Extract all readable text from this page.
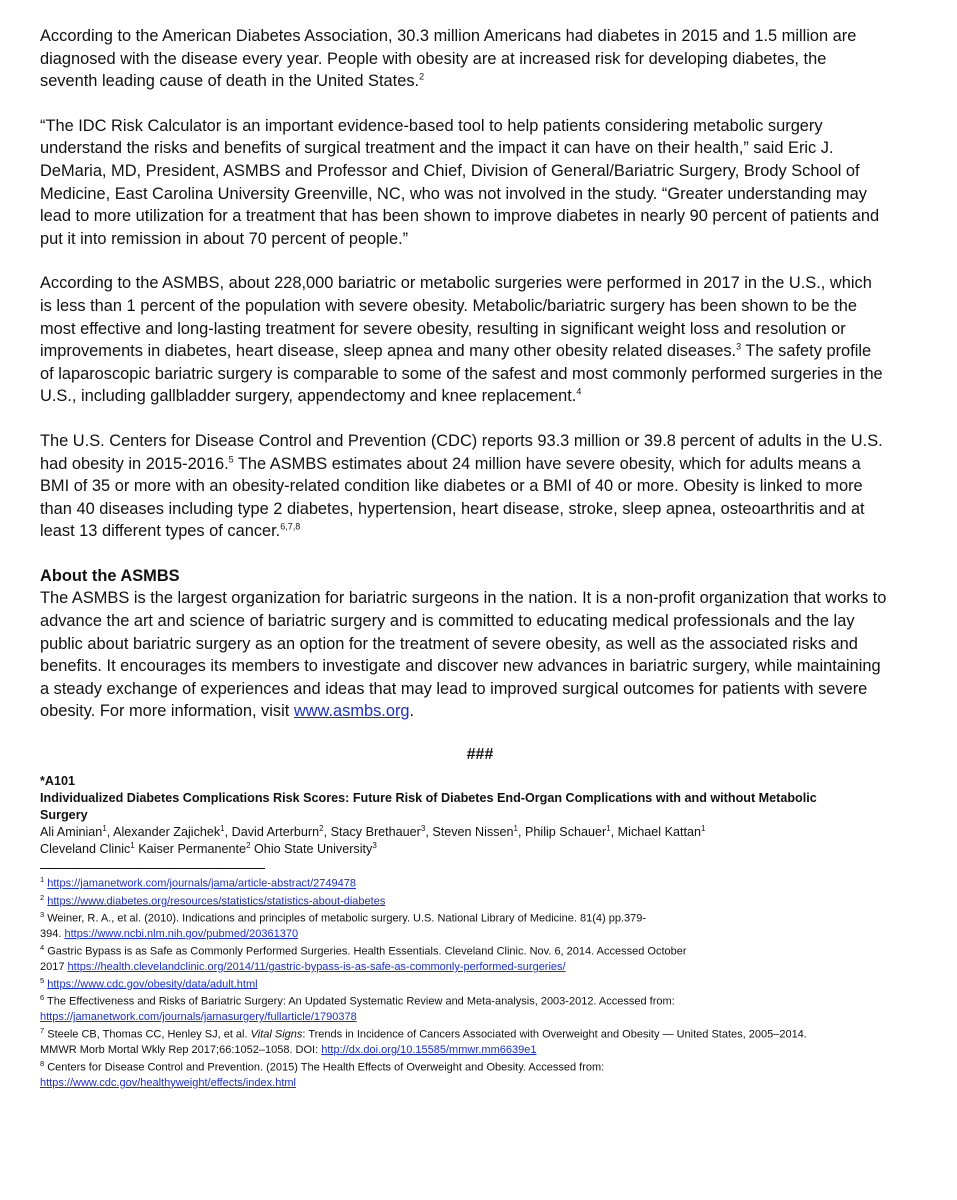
According to the American Diabetes Association, 30.3 million Americans had diabetes in 2015 and 1.5 million are
diagnosed with the disease every year. People with obesity are at increased risk for developing diabetes, the
seventh leading cause of death in the United States.$^2$
“The IDC Risk Calculator is an important evidence-based tool to help patients considering metabolic surgery
understand the risks and benefits of surgical treatment and the impact it can have on their health,” said Eric J.
DeMaria, MD, President, ASMBS and Professor and Chief, Division of General/Bariatric Surgery, Brody School of
Medicine, East Carolina University Greenville, NC, who was not involved in the study. “Greater understanding may
lead to more utilization for a treatment that has been shown to improve diabetes in nearly 90 percent of patients and
put it into remission in about 70 percent of people.”
According to the ASMBS, about 228,000 bariatric or metabolic surgeries were performed in 2017 in the U.S., which
is less than 1 percent of the population with severe obesity. Metabolic/bariatric surgery has been shown to be the
most effective and long-lasting treatment for severe obesity, resulting in significant weight loss and resolution or
improvements in diabetes, heart disease, sleep apnea and many other obesity related diseases.$^3$ The safety profile
of laparoscopic bariatric surgery is comparable to some of the safest and most commonly performed surgeries in the
U.S., including gallbladder surgery, appendectomy and knee replacement.$^4$
The U.S. Centers for Disease Control and Prevention (CDC) reports 93.3 million or 39.8 percent of adults in the U.S.
had obesity in 2015-2016.$^5$ The ASMBS estimates about 24 million have severe obesity, which for adults means a
BMI of 35 or more with an obesity-related condition like diabetes or a BMI of 40 or more. Obesity is linked to more
than 40 diseases including type 2 diabetes, hypertension, heart disease, stroke, sleep apnea, osteoarthritis and at
least 13 different types of cancer.$^{6,7,8}$
About the ASMBS
The ASMBS is the largest organization for bariatric surgeons in the nation. It is a non-profit organization that works to
advance the art and science of bariatric surgery and is committed to educating medical professionals and the lay
public about bariatric surgery as an option for the treatment of severe obesity, as well as the associated risks and
benefits. It encourages its members to investigate and discover new advances in bariatric surgery, while maintaining
a steady exchange of experiences and ideas that may lead to improved surgical outcomes for patients with severe
obesity. For more information, visit www.asmbs.org.
###
*A101
Individualized Diabetes Complications Risk Scores: Future Risk of Diabetes End-Organ Complications with and without Metabolic
Surgery
Ali Aminian$^1$, Alexander Zajichek$^1$, David Arterburn$^2$, Stacy Brethauer$^3$, Steven Nissen$^1$, Philip Schauer$^1$, Michael Kattan$^1$
Cleveland Clinic$^1$ Kaiser Permanente$^2$ Ohio State University$^3$
$^1$ https://jamanetwork.com/journals/jama/article-abstract/2749478
$^2$ https://www.diabetes.org/resources/statistics/statistics-about-diabetes
$^3$ Weiner, R. A., et al. (2010). Indications and principles of metabolic surgery. U.S. National Library of Medicine. 81(4) pp.379-
394. https://www.ncbi.nlm.nih.gov/pubmed/20361370
$^4$ Gastric Bypass is as Safe as Commonly Performed Surgeries. Health Essentials. Cleveland Clinic. Nov. 6, 2014. Accessed October
2017 https://health.clevelandclinic.org/2014/11/gastric-bypass-is-as-safe-as-commonly-performed-surgeries/
$^5$ https://www.cdc.gov/obesity/data/adult.html
$^6$ The Effectiveness and Risks of Bariatric Surgery: An Updated Systematic Review and Meta-analysis, 2003-2012. Accessed from:
https://jamanetwork.com/journals/jamasurgery/fullarticle/1790378
$^7$ Steele CB, Thomas CC, Henley SJ, et al. Vital Signs: Trends in Incidence of Cancers Associated with Overweight and Obesity — United States, 2005–2014.
MMWR Morb Mortal Wkly Rep 2017;66:1052–1058. DOI: http://dx.doi.org/10.15585/mmwr.mm6639e1
$^8$ Centers for Disease Control and Prevention. (2015) The Health Effects of Overweight and Obesity. Accessed from:
https://www.cdc.gov/healthyweight/effects/index.html
